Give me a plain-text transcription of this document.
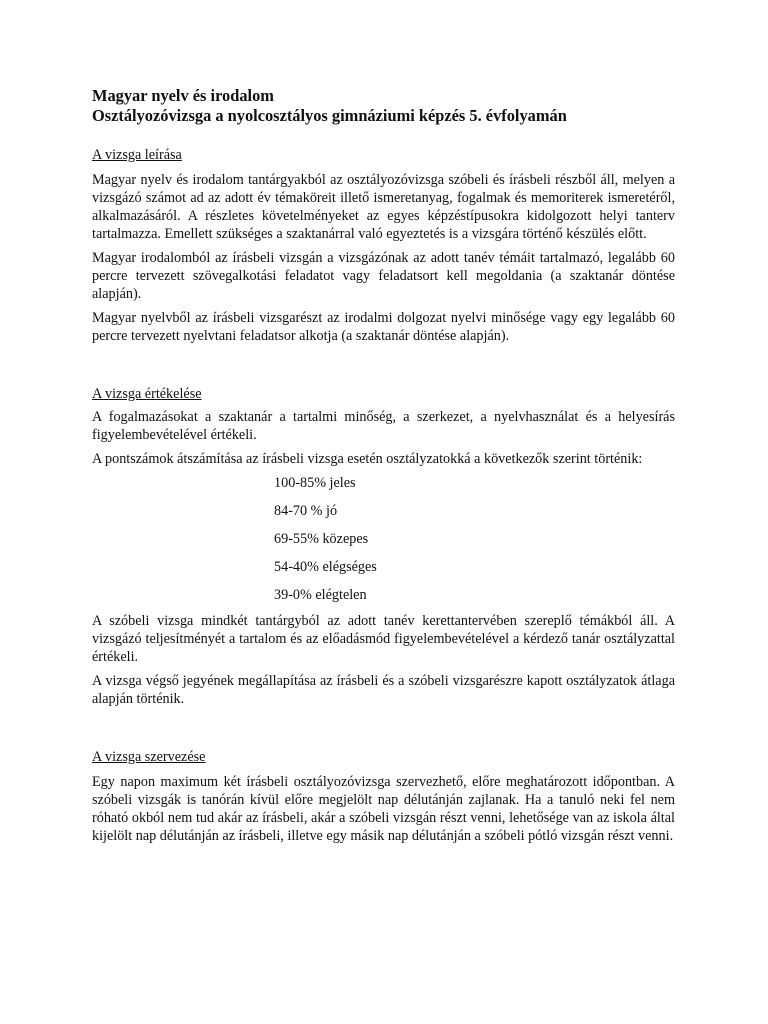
Magyar nyelv és irodalom

Osztályozóvizsga a nyolcosztályos gimnáziumi képzés 5. évfolyamán

A vizsga leírása

Magyar nyelv és irodalom tantárgyakból az osztályozóvizsga szóbeli és írásbeli részből áll, melyen a vizsgázó számot ad az adott év témaköreit illető ismeretanyag, fogalmak és memoriterek ismeretéről, alkalmazásáról. A részletes követelményeket az egyes képzéstípusokra kidolgozott helyi tanterv tartalmazza. Emellett szükséges a szaktanárral való egyeztetés is a vizsgára történő készülés előtt.

Magyar irodalomból az írásbeli vizsgán a vizsgázónak az adott tanév témáit tartalmazó, legalább 60 percre tervezett szövegalkotási feladatot vagy feladatsort kell megoldania (a szaktanár döntése alapján).

Magyar nyelvből az írásbeli vizsgarészt az irodalmi dolgozat nyelvi minősége vagy egy legalább 60 percre tervezett nyelvtani feladatsor alkotja (a szaktanár döntése alapján).

A vizsga értékelése

A fogalmazásokat a szaktanár a tartalmi minőség, a szerkezet, a nyelvhasználat és a helyesírás figyelembevételével értékeli.

A pontszámok átszámítása az írásbeli vizsga esetén osztályzatokká a következők szerint történik:

100-85% jeles
84-70 % jó
69-55% közepes
54-40% elégséges
39-0% elégtelen

A szóbeli vizsga mindkét tantárgyból az adott tanév kerettantervében szereplő témákból áll. A vizsgázó teljesítményét a tartalom és az előadásmód figyelembevételével a kérdező tanár osztályzattal értékeli.

A vizsga végső jegyének megállapítása az írásbeli és a szóbeli vizsgarészre kapott osztályzatok átlaga alapján történik.

A vizsga szervezése

Egy napon maximum két írásbeli osztályozóvizsga szervezhető, előre meghatározott időpontban. A szóbeli vizsgák is tanórán kívül előre megjelölt nap délutánján zajlanak. Ha a tanuló neki fel nem róható okból nem tud akár az írásbeli, akár a szóbeli vizsgán részt venni, lehetősége van az iskola által kijelölt nap délutánján az írásbeli, illetve egy másik nap délutánján a szóbeli pótló vizsgán részt venni.
